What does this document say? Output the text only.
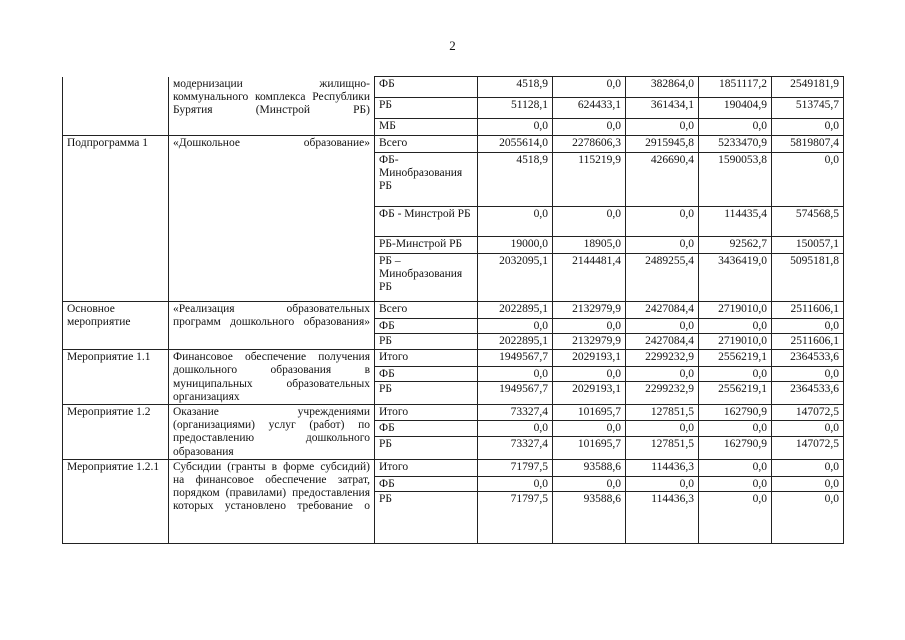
2
	модернизации жилищно-коммунального комплекса Республики Бурятия (Минстрой РБ)	ФБ	4518,9	0,0	382864,0	1851117,2	2549181,9
		РБ	51128,1	624433,1	361434,1	190404,9	513745,7
		МБ	0,0	0,0	0,0	0,0	0,0
Подпрограмма 1	«Дошкольное образование»	Всего	2055614,0	2278606,3	2915945,8	5233470,9	5819807,4
		ФБ-Минобразования РБ	4518,9	115219,9	426690,4	1590053,8	0,0
		ФБ - Минстрой РБ	0,0	0,0	0,0	114435,4	574568,5
		РБ-Минстрой РБ	19000,0	18905,0	0,0	92562,7	150057,1
		РБ – Минобразования РБ	2032095,1	2144481,4	2489255,4	3436419,0	5095181,8
Основное мероприятие	«Реализация образовательных программ дошкольного образования»	Всего	2022895,1	2132979,9	2427084,4	2719010,0	2511606,1
		ФБ	0,0	0,0	0,0	0,0	0,0
		РБ	2022895,1	2132979,9	2427084,4	2719010,0	2511606,1
Мероприятие 1.1	Финансовое обеспечение получения дошкольного образования в муниципальных образовательных организациях	Итого	1949567,7	2029193,1	2299232,9	2556219,1	2364533,6
		ФБ	0,0	0,0	0,0	0,0	0,0
		РБ	1949567,7	2029193,1	2299232,9	2556219,1	2364533,6
Мероприятие 1.2	Оказание учреждениями (организациями) услуг (работ) по предоставлению дошкольного образования	Итого	73327,4	101695,7	127851,5	162790,9	147072,5
		ФБ	0,0	0,0	0,0	0,0	0,0
		РБ	73327,4	101695,7	127851,5	162790,9	147072,5
Мероприятие 1.2.1	Субсидии (гранты в форме субсидий) на финансовое обеспечение затрат, порядком (правилами) предоставления которых установлено требование о	Итого	71797,5	93588,6	114436,3	0,0	0,0
		ФБ	0,0	0,0	0,0	0,0	0,0
		РБ	71797,5	93588,6	114436,3	0,0	0,0
